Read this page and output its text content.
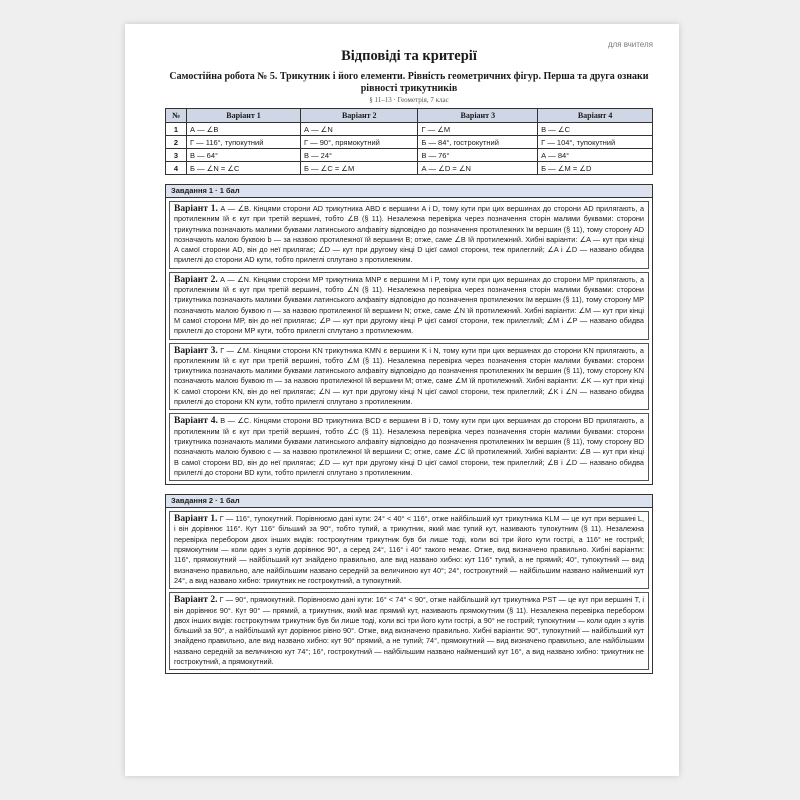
для вчителя
Відповіді та критерії
Самостійна робота № 5. Трикутник і його елементи. Рівність геометричних фігур. Перша та друга ознаки рівності трикутників
§ 11–13 · Геометрія, 7 клас
№	Варіант 1	Варіант 2	Варіант 3	Варіант 4
1	А — ∠B	А — ∠N	Г — ∠M	В — ∠C
2	Г — 116°, тупокутний	Г — 90°, прямокутний	Б — 84°, гострокутний	Г — 104°, тупокутний
3	В — 64°	В — 24°	В — 76°	А — 84°
4	Б — ∠N = ∠C	Б — ∠C = ∠M	А — ∠D = ∠N	Б — ∠M = ∠D
Завдання 1 · 1 бал
Варіант 1. А — ∠B. Кінцями сторони AD трикутника ABD є вершини A і D, тому кути при цих вершинах до сторони AD прилягають, а протилежним їй є кут при третій вершині, тобто ∠B (§ 11). Незалежна перевірка через позначення сторін малими буквами: сторони трикутника позначають малими буквами латинського алфавіту відповідно до позначення протилежних їм вершин (§ 11), тому сторону AD позначають малою буквою b — за назвою протилежної їй вершини B; отже, саме ∠B їй протилежний. Хибні варіанти: ∠A — кут при кінці A самої сторони AD, він до неї прилягає; ∠D — кут при другому кінці D цієї самої сторони, теж прилеглий; ∠A і ∠D — названо обидва прилеглі до сторони AD кути, тобто прилеглі сплутано з протилежним.
Варіант 2. А — ∠N. Кінцями сторони MP трикутника MNP є вершини M і P, тому кути при цих вершинах до сторони MP прилягають, а протилежним їй є кут при третій вершині, тобто ∠N (§ 11). Незалежна перевірка через позначення сторін малими буквами: сторони трикутника позначають малими буквами латинського алфавіту відповідно до позначення протилежних їм вершин (§ 11), тому сторону MP позначають малою буквою n — за назвою протилежної їй вершини N; отже, саме ∠N їй протилежний. Хибні варіанти: ∠M — кут при кінці M самої сторони MP, він до неї прилягає; ∠P — кут при другому кінці P цієї самої сторони, теж прилеглий; ∠M і ∠P — названо обидва прилеглі до сторони MP кути, тобто прилеглі сплутано з протилежним.
Варіант 3. Г — ∠M. Кінцями сторони KN трикутника KMN є вершини K і N, тому кути при цих вершинах до сторони KN прилягають, а протилежним їй є кут при третій вершині, тобто ∠M (§ 11). Незалежна перевірка через позначення сторін малими буквами: сторони трикутника позначають малими буквами латинського алфавіту відповідно до позначення протилежних їм вершин (§ 11), тому сторону KN позначають малою буквою m — за назвою протилежної їй вершини M; отже, саме ∠M їй протилежний. Хибні варіанти: ∠K — кут при кінці K самої сторони KN, він до неї прилягає; ∠N — кут при другому кінці N цієї самої сторони, теж прилеглий; ∠K і ∠N — названо обидва прилеглі до сторони KN кути, тобто прилеглі сплутано з протилежним.
Варіант 4. В — ∠C. Кінцями сторони BD трикутника BCD є вершини B і D, тому кути при цих вершинах до сторони BD прилягають, а протилежним їй є кут при третій вершині, тобто ∠C (§ 11). Незалежна перевірка через позначення сторін малими буквами: сторони трикутника позначають малими буквами латинського алфавіту відповідно до позначення протилежних їм вершин (§ 11), тому сторону BD позначають малою буквою c — за назвою протилежної їй вершини C; отже, саме ∠C їй протилежний. Хибні варіанти: ∠B — кут при кінці B самої сторони BD, він до неї прилягає; ∠D — кут при другому кінці D цієї самої сторони, теж прилеглий; ∠B і ∠D — названо обидва прилеглі до сторони BD кути, тобто прилеглі сплутано з протилежним.
Завдання 2 · 1 бал
Варіант 1. Г — 116°, тупокутний. Порівнюємо дані кути: 24° < 40° < 116°, отже найбільший кут трикутника KLM — це кут при вершині L, і він дорівнює 116°. Кут 116° більший за 90°, тобто тупий, а трикутник, який має тупий кут, називають тупокутним (§ 11). Незалежна перевірка перебором двох інших видів: гострокутним трикутник був би лише тоді, коли всі три його кути гострі, а 116° не гострий; прямокутним — коли один з кутів дорівнює 90°, а серед 24°, 116° і 40° такого немає. Отже, вид визначено правильно. Хибні варіанти: 116°, прямокутний — найбільший кут знайдено правильно, але вид названо хибно: кут 116° тупий, а не прямий; 40°, тупокутний — вид визначено правильно, але найбільшим названо середній за величиною кут 40°; 24°, гострокутний — найбільшим названо найменший кут 24°, а вид названо хибно: трикутник не гострокутний, а тупокутний.
Варіант 2. Г — 90°, прямокутний. Порівнюємо дані кути: 16° < 74° < 90°, отже найбільший кут трикутника PST — це кут при вершині T, і він дорівнює 90°. Кут 90° — прямий, а трикутник, який має прямий кут, називають прямокутним (§ 11). Незалежна перевірка перебором двох інших видів: гострокутним трикутник був би лише тоді, коли всі три його кути гострі, а 90° не гострий; тупокутним — коли один з кутів більший за 90°, а найбільший кут дорівнює рівно 90°. Отже, вид визначено правильно. Хибні варіанти: 90°, тупокутний — найбільший кут знайдено правильно, але вид названо хибно: кут 90° прямий, а не тупий; 74°, прямокутний — вид визначено правильно, але найбільшим названо середній за величиною кут 74°; 16°, гострокутний — найбільшим названо найменший кут 16°, а вид названо хибно: трикутник не гострокутний, а прямокутний.
